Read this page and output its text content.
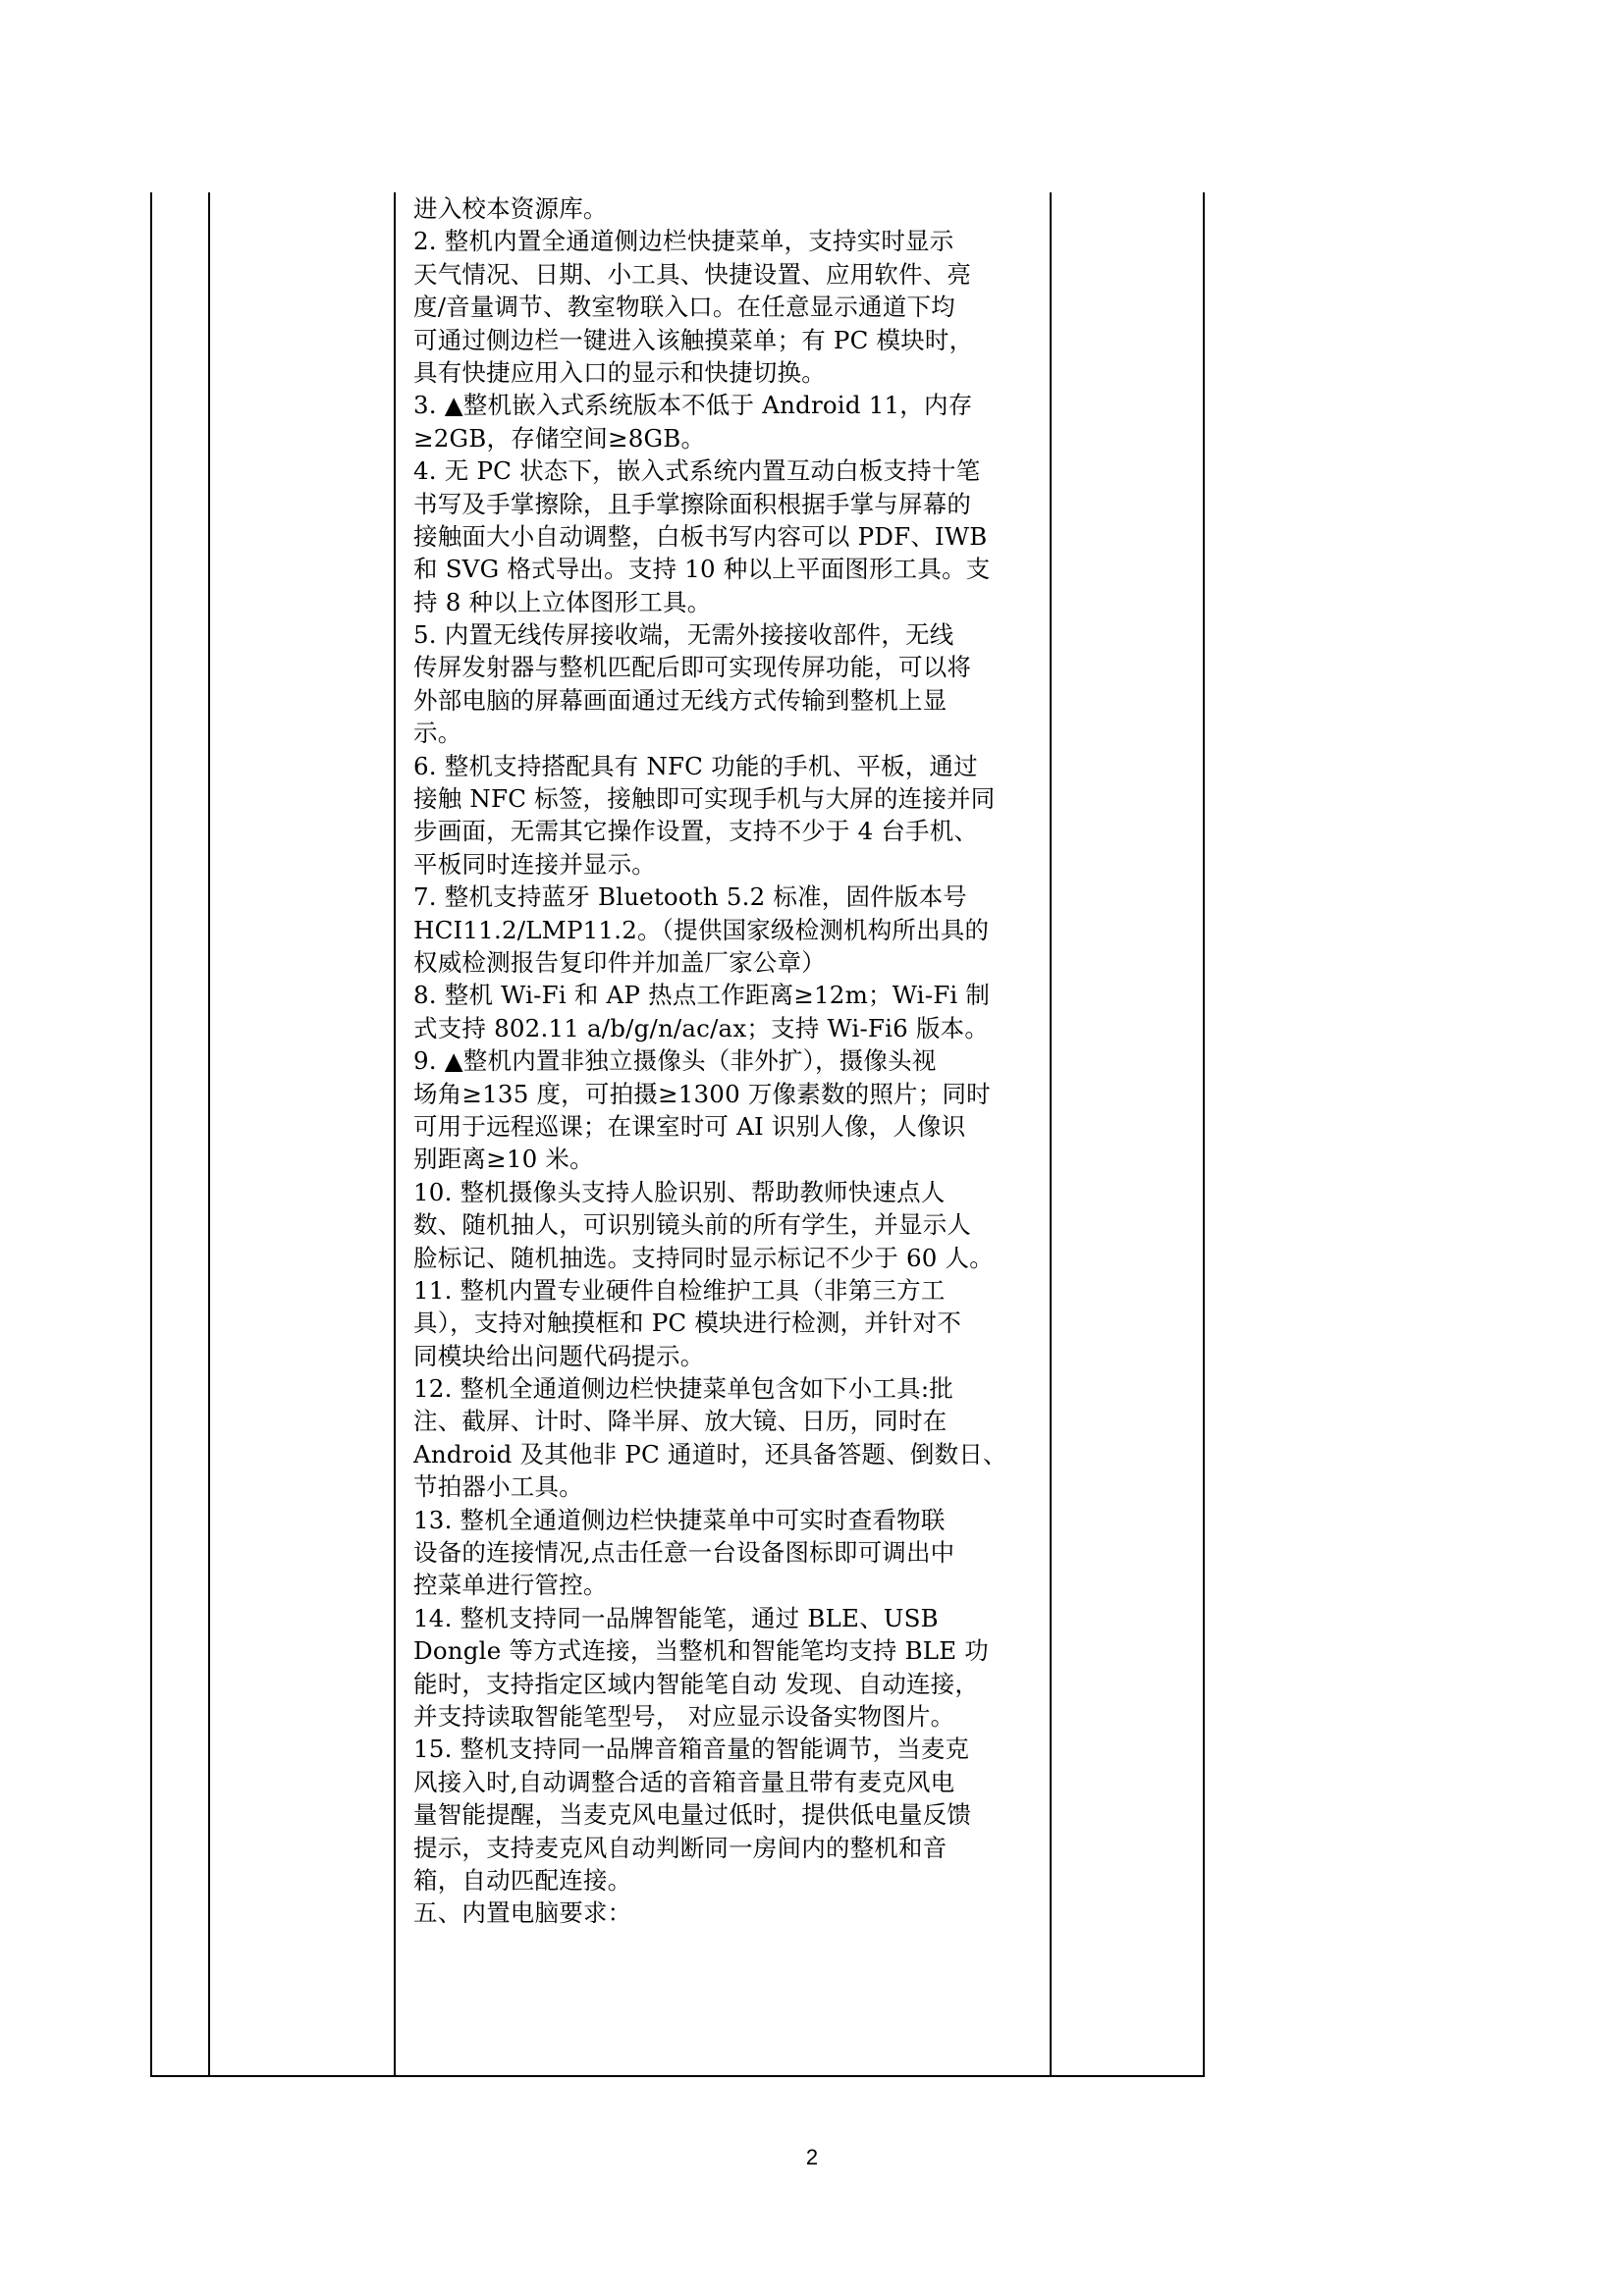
进入校本资源库。
2. 整机内置全通道侧边栏快捷菜单，支持实时显示
天气情况、日期、小工具、快捷设置、应用软件、亮
度/音量调节、教室物联入口。在任意显示通道下均
可通过侧边栏一键进入该触摸菜单；有 PC 模块时，
具有快捷应用入口的显示和快捷切换。
3. ▲整机嵌入式系统版本不低于 Android 11，内存
≥2GB，存储空间≥8GB。
4. 无 PC 状态下，嵌入式系统内置互动白板支持十笔
书写及手掌擦除，且手掌擦除面积根据手掌与屏幕的
接触面大小自动调整，白板书写内容可以 PDF、IWB
和 SVG 格式导出。支持 10 种以上平面图形工具。支
持 8 种以上立体图形工具。
5. 内置无线传屏接收端，无需外接接收部件，无线
传屏发射器与整机匹配后即可实现传屏功能，可以将
外部电脑的屏幕画面通过无线方式传输到整机上显
示。
6. 整机支持搭配具有 NFC 功能的手机、平板，通过
接触 NFC 标签，接触即可实现手机与大屏的连接并同
步画面，无需其它操作设置，支持不少于 4 台手机、
平板同时连接并显示。
7. 整机支持蓝牙 Bluetooth 5.2 标准，固件版本号
HCI11.2/LMP11.2。（提供国家级检测机构所出具的
权威检测报告复印件并加盖厂家公章）
8. 整机 Wi-Fi 和 AP 热点工作距离≥12m；Wi-Fi 制
式支持 802.11 a/b/g/n/ac/ax；支持 Wi-Fi6 版本。
9. ▲整机内置非独立摄像头（非外扩），摄像头视
场角≥135 度，可拍摄≥1300 万像素数的照片；同时
可用于远程巡课；在课室时可 AI 识别人像，人像识
别距离≥10 米。
10. 整机摄像头支持人脸识别、帮助教师快速点人
数、随机抽人，可识别镜头前的所有学生，并显示人
脸标记、随机抽选。支持同时显示标记不少于 60 人。
11. 整机内置专业硬件自检维护工具（非第三方工
具），支持对触摸框和 PC 模块进行检测，并针对不
同模块给出问题代码提示。
12. 整机全通道侧边栏快捷菜单包含如下小工具:批
注、截屏、计时、降半屏、放大镜、日历，同时在
Android 及其他非 PC 通道时，还具备答题、倒数日、
节拍器小工具。
13. 整机全通道侧边栏快捷菜单中可实时查看物联
设备的连接情况,点击任意一台设备图标即可调出中
控菜单进行管控。
14. 整机支持同一品牌智能笔，通过 BLE、USB
Dongle 等方式连接，当整机和智能笔均支持 BLE 功
能时，支持指定区域内智能笔自动 发现、自动连接，
并支持读取智能笔型号， 对应显示设备实物图片。
15. 整机支持同一品牌音箱音量的智能调节，当麦克
风接入时,自动调整合适的音箱音量且带有麦克风电
量智能提醒，当麦克风电量过低时，提供低电量反馈
提示，支持麦克风自动判断同一房间内的整机和音
箱，自动匹配连接。
五、内置电脑要求：
2
